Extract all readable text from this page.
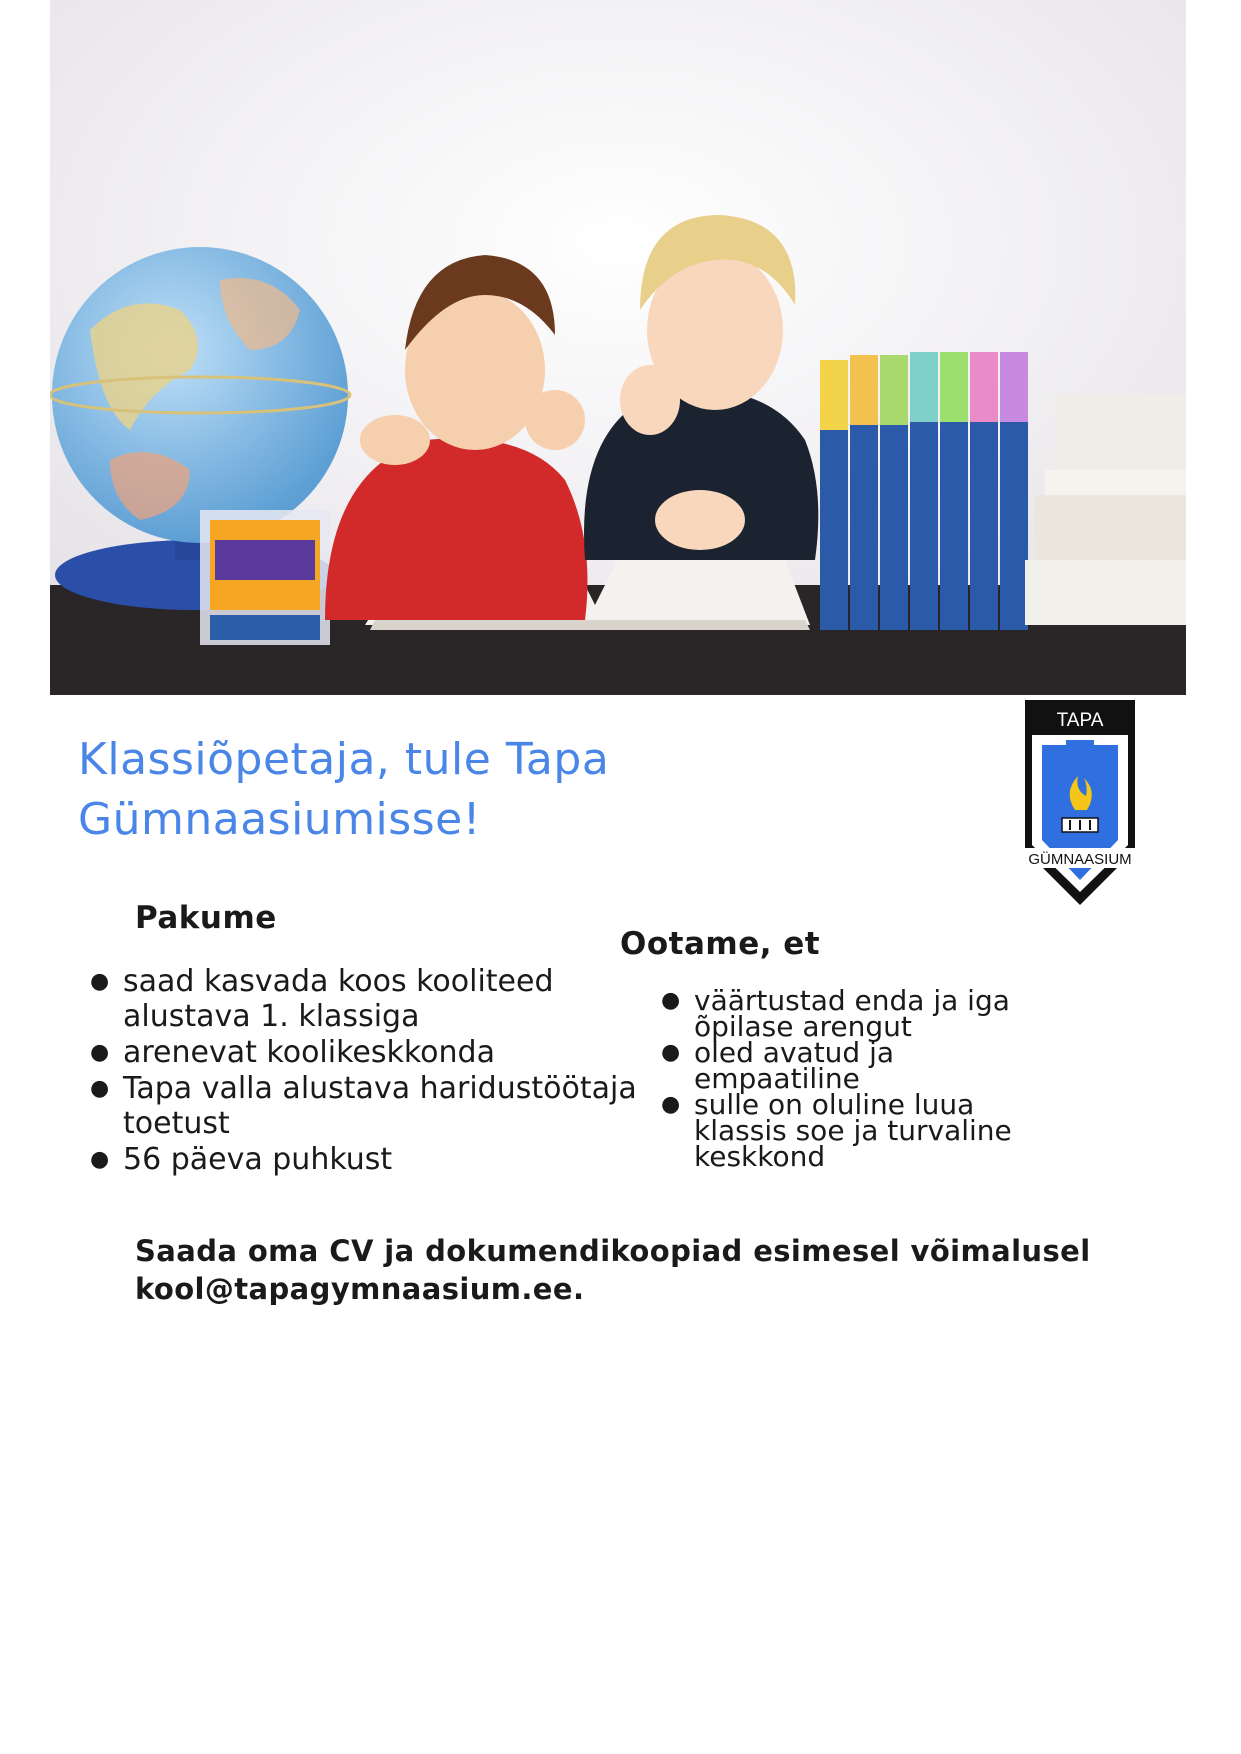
Klassiõpetaja, tule Tapa
Gümnaasiumisse!
TAPA
GÜMNAASIUM
Pakume
● saad kasvada koos kooliteed alustava 1. klassiga
● arenevat koolikeskkonda
● Tapa valla alustava haridustöötaja toetust
● 56 päeva puhkust
Ootame, et
● väärtustad enda ja iga õpilase arengut
● oled avatud ja empaatiline
● sulle on oluline luua klassis soe ja turvaline keskkond
Saada oma CV ja dokumendikoopiad esimesel võimalusel
kool@tapagymnaasium.ee.
